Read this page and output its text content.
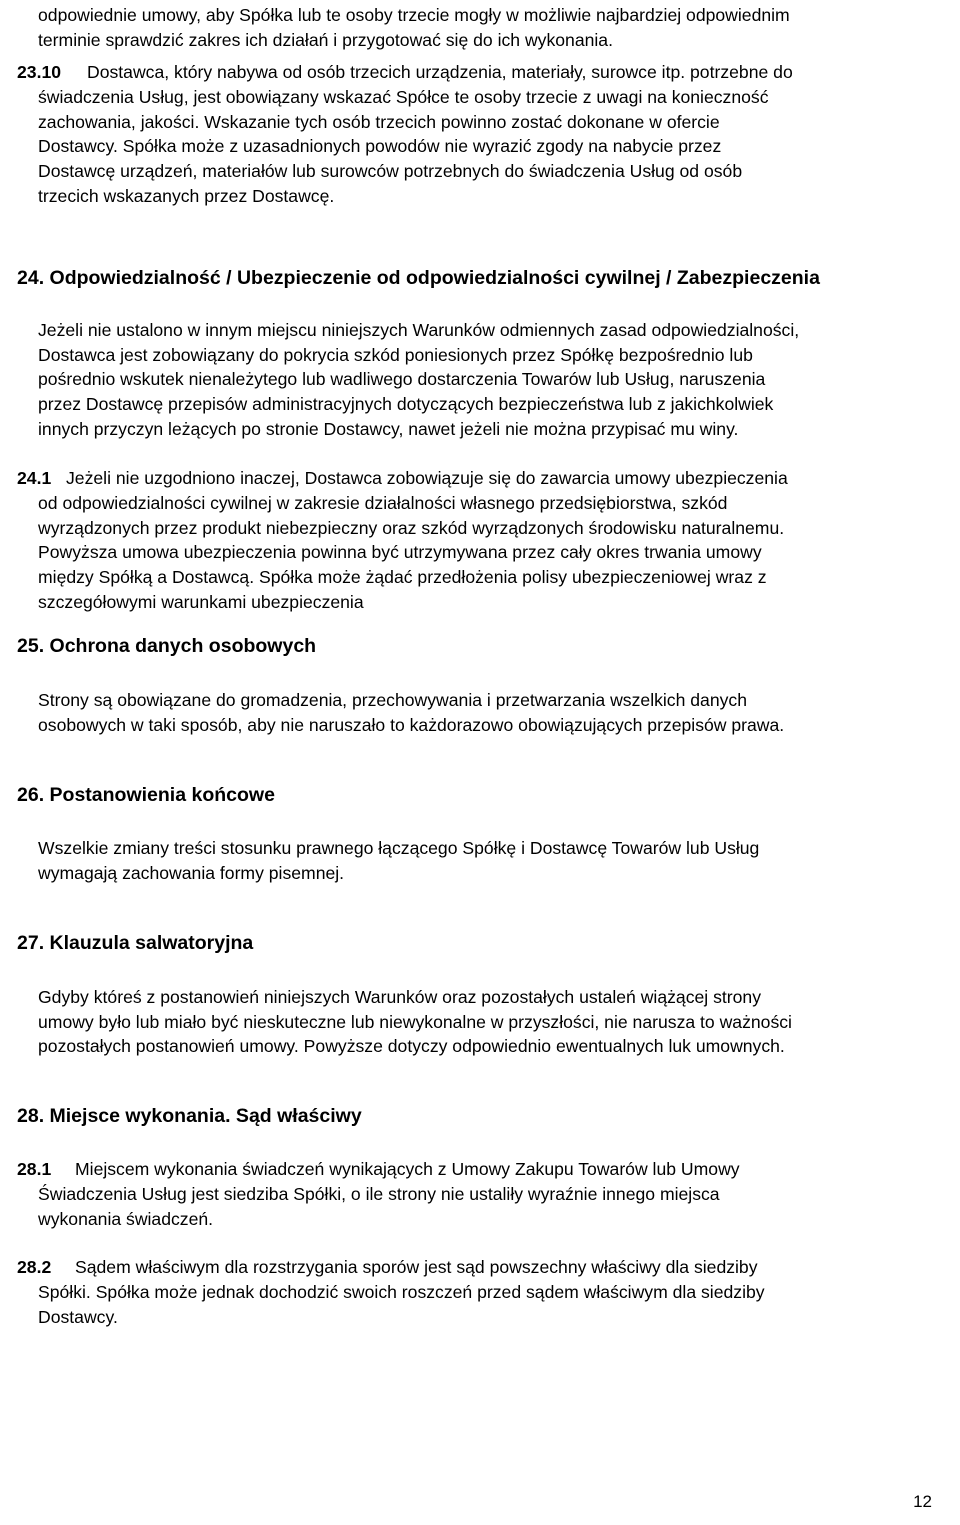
odpowiednie umowy, aby Spółka lub te osoby trzecie mogły w możliwie najbardziej odpowiednim
terminie sprawdzić zakres ich działań i przygotować się do ich wykonania.
23.10 Dostawca, który nabywa od osób trzecich urządzenia, materiały, surowce itp. potrzebne do
świadczenia Usług, jest obowiązany wskazać Spółce te osoby trzecie z uwagi na konieczność
zachowania, jakości. Wskazanie tych osób trzecich powinno zostać dokonane w ofercie
Dostawcy. Spółka może z uzasadnionych powodów nie wyrazić zgody na nabycie przez
Dostawcę urządzeń, materiałów lub surowców potrzebnych do świadczenia Usług od osób
trzecich wskazanych przez Dostawcę.
24. Odpowiedzialność / Ubezpieczenie od odpowiedzialności cywilnej / Zabezpieczenia
Jeżeli nie ustalono w innym miejscu niniejszych Warunków odmiennych zasad odpowiedzialności,
Dostawca jest zobowiązany do pokrycia szkód poniesionych przez Spółkę bezpośrednio lub
pośrednio wskutek nienależytego lub wadliwego dostarczenia Towarów lub Usług, naruszenia
przez Dostawcę przepisów administracyjnych dotyczących bezpieczeństwa lub z jakichkolwiek
innych przyczyn leżących po stronie Dostawcy, nawet jeżeli nie można przypisać mu winy.
24.1 Jeżeli nie uzgodniono inaczej, Dostawca zobowiązuje się do zawarcia umowy ubezpieczenia
od odpowiedzialności cywilnej w zakresie działalności własnego przedsiębiorstwa, szkód
wyrządzonych przez produkt niebezpieczny oraz szkód wyrządzonych środowisku naturalnemu.
Powyższa umowa ubezpieczenia powinna być utrzymywana przez cały okres trwania umowy
między Spółką a Dostawcą. Spółka może żądać przedłożenia polisy ubezpieczeniowej wraz z
szczegółowymi warunkami ubezpieczenia
25. Ochrona danych osobowych
Strony są obowiązane do gromadzenia, przechowywania i przetwarzania wszelkich danych
osobowych w taki sposób, aby nie naruszało to każdorazowo obowiązujących przepisów prawa.
26. Postanowienia końcowe
Wszelkie zmiany treści stosunku prawnego łączącego Spółkę i Dostawcę Towarów lub Usług
wymagają zachowania formy pisemnej.
27. Klauzula salwatoryjna
Gdyby któreś z postanowień niniejszych Warunków oraz pozostałych ustaleń wiążącej strony
umowy było lub miało być nieskuteczne lub niewykonalne w przyszłości, nie narusza to ważności
pozostałych postanowień umowy. Powyższe dotyczy odpowiednio ewentualnych luk umownych.
28. Miejsce wykonania. Sąd właściwy
28.1 Miejscem wykonania świadczeń wynikających z Umowy Zakupu Towarów lub Umowy
Świadczenia Usług jest siedziba Spółki, o ile strony nie ustaliły wyraźnie innego miejsca
wykonania świadczeń.
28.2 Sądem właściwym dla rozstrzygania sporów jest sąd powszechny właściwy dla siedziby
Spółki. Spółka może jednak dochodzić swoich roszczeń przed sądem właściwym dla siedziby
Dostawcy.
12
